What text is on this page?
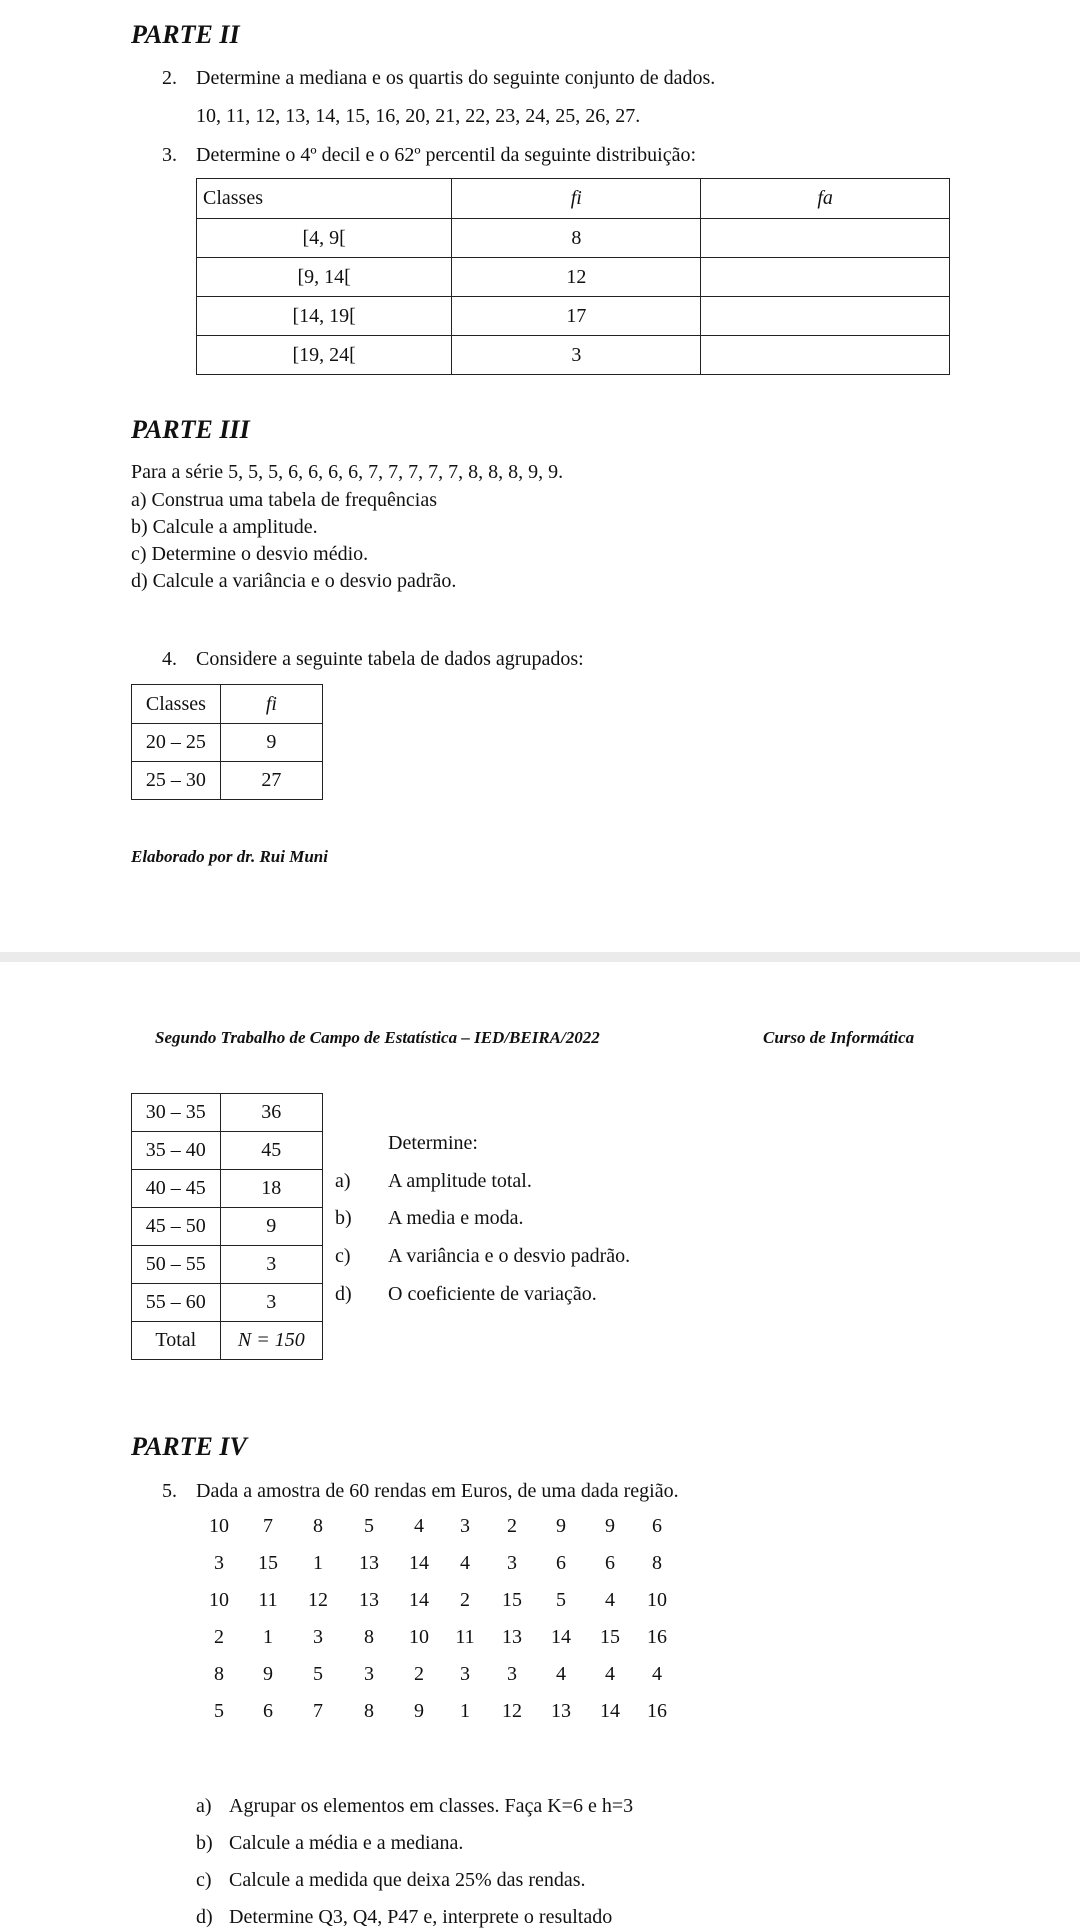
PARTE II
2. Determine a mediana e os quartis do seguinte conjunto de dados.
10, 11, 12, 13, 14, 15, 16, 20, 21, 22, 23, 24, 25, 26, 27.
3. Determine o 4º decil e o 62º percentil da seguinte distribuição:
Classes	fi	fa
[4, 9[	8	
[9, 14[	12	
[14, 19[	17	
[19, 24[	3	
PARTE III
Para a série 5, 5, 5, 6, 6, 6, 6, 7, 7, 7, 7, 7, 8, 8, 8, 9, 9.
a) Construa uma tabela de frequências
b) Calcule a amplitude.
c) Determine o desvio médio.
d) Calcule a variância e o desvio padrão.
4. Considere a seguinte tabela de dados agrupados:
Classes	fi
20 – 25	9
25 – 30	27
Elaborado por dr. Rui Muni
Segundo Trabalho de Campo de Estatística – IED/BEIRA/2022	Curso de Informática
30 – 35	36
35 – 40	45
40 – 45	18
45 – 50	9
50 – 55	3
55 – 60	3
Total	N = 150
Determine:
a) A amplitude total.
b) A media e moda.
c) A variância e o desvio padrão.
d) O coeficiente de variação.
PARTE IV
5. Dada a amostra de 60 rendas em Euros, de uma dada região.
10	7	8	5	4	3	2	9	9	6
3	15	1	13	14	4	3	6	6	8
10	11	12	13	14	2	15	5	4	10
2	1	3	8	10	11	13	14	15	16
8	9	5	3	2	3	3	4	4	4
5	6	7	8	9	1	12	13	14	16
a) Agrupar os elementos em classes. Faça K=6 e h=3
b) Calcule a média e a mediana.
c) Calcule a medida que deixa 25% das rendas.
d) Determine Q3, Q4, P47 e, interprete o resultado
